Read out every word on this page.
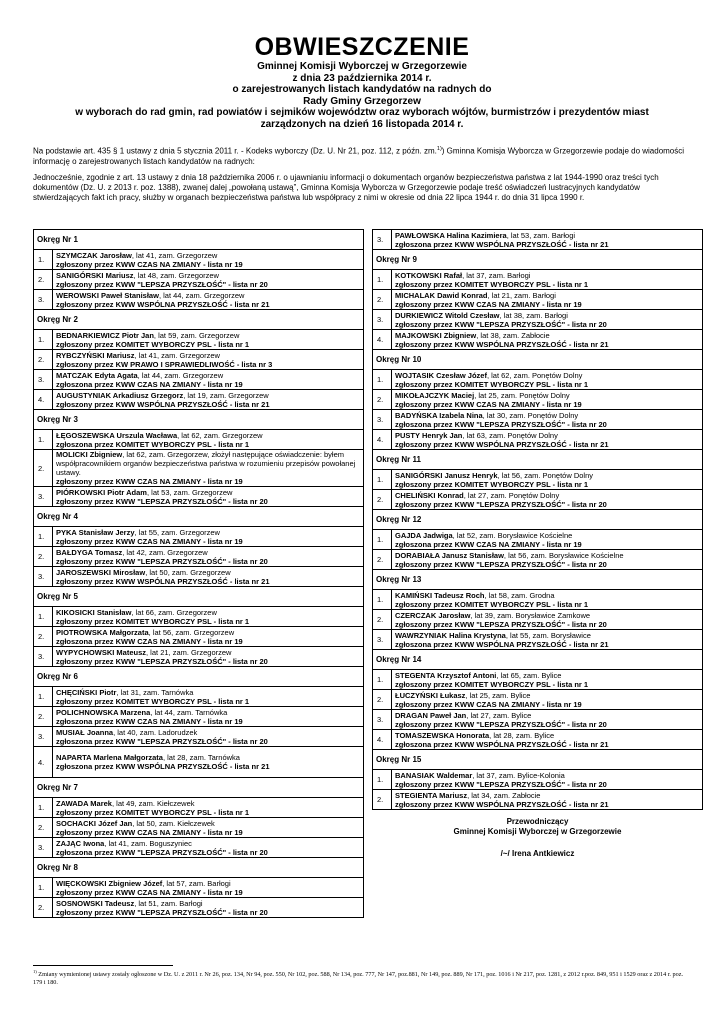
OBWIESZCZENIE
Gminnej Komisji Wyborczej w Grzegorzewie
z dnia 23 października 2014 r.
o zarejestrowanych listach kandydatów na radnych do
Rady Gminy Grzegorzew
w wyborach do rad gmin, rad powiatów i sejmików województw oraz wyborach wójtów, burmistrzów i prezydentów miast
zarządzonych na dzień 16 listopada 2014 r.
Na podstawie art. 435 § 1 ustawy z dnia 5 stycznia 2011 r. - Kodeks wyborczy (Dz. U. Nr 21, poz. 112, z późn. zm.$^{1)}$) Gminna Komisja Wyborcza w Grzegorzewie podaje do wiadomości informację o zarejestrowanych listach kandydatów na radnych:
Jednocześnie, zgodnie z art. 13 ustawy z dnia 18 października 2006 r. o ujawnianiu informacji o dokumentach organów bezpieczeństwa państwa z lat 1944-1990 oraz treści tych dokumentów (Dz. U. z 2013 r. poz. 1388), zwanej dalej „powołaną ustawą”, Gminna Komisja Wyborcza w Grzegorzewie podaje treść oświadczeń lustracyjnych kandydatów stwierdzających fakt ich pracy, służby w organach bezpieczeństwa państwa lub współpracy z nimi w okresie od dnia 22 lipca 1944 r. do dnia 31 lipca 1990 r.
Okręg Nr 1	
1.	SZYMCZAK Jarosław, lat 41, zam. Grzegorzew
zgłoszony przez KWW CZAS NA ZMIANY - lista nr 19

2.	SANIGÓRSKI Mariusz, lat 48, zam. Grzegorzew
zgłoszony przez KWW "LEPSZA PRZYSZŁOŚĆ" - lista nr 20

3.	WEROWSKI Paweł Stanisław, lat 44, zam. Grzegorzew
zgłoszony przez KWW WSPÓLNA PRZYSZŁOŚĆ - lista nr 21

Okręg Nr 2	
1.	BEDNARKIEWICZ Piotr Jan, lat 59, zam. Grzegorzew
zgłoszony przez KOMITET WYBORCZY PSL - lista nr 1

2.	RYBCZYŃSKI Mariusz, lat 41, zam. Grzegorzew
zgłoszony przez KW PRAWO I SPRAWIEDLIWOŚĆ - lista nr 3

3.	MATCZAK Edyta Agata, lat 44, zam. Grzegorzew
zgłoszona przez KWW CZAS NA ZMIANY - lista nr 19

4.	AUGUSTYNIAK Arkadiusz Grzegorz, lat 19, zam. Grzegorzew
zgłoszony przez KWW WSPÓLNA PRZYSZŁOŚĆ - lista nr 21

Okręg Nr 3	
1.	ŁĘGOSZEWSKA Urszula Wacława, lat 62, zam. Grzegorzew
zgłoszona przez KOMITET WYBORCZY PSL - lista nr 1

2.	MOLICKI Zbigniew, lat 62, zam. Grzegorzew, złożył następujące oświadczenie: byłem współpracownikiem organów bezpieczeństwa państwa w rozumieniu przepisów powołanej ustawy.
zgłoszony przez KWW CZAS NA ZMIANY - lista nr 19

3.	PIÓRKOWSKI Piotr Adam, lat 53, zam. Grzegorzew
zgłoszony przez KWW "LEPSZA PRZYSZŁOŚĆ" - lista nr 20

Okręg Nr 4	
1.	PYKA Stanisław Jerzy, lat 55, zam. Grzegorzew
zgłoszony przez KWW CZAS NA ZMIANY - lista nr 19

2.	BAŁDYGA Tomasz, lat 42, zam. Grzegorzew
zgłoszony przez KWW "LEPSZA PRZYSZŁOŚĆ" - lista nr 20

3.	JAROSZEWSKI Mirosław, lat 50, zam. Grzegorzew
zgłoszony przez KWW WSPÓLNA PRZYSZŁOŚĆ - lista nr 21

Okręg Nr 5	
1.	KIKOSICKI Stanisław, lat 66, zam. Grzegorzew
zgłoszony przez KOMITET WYBORCZY PSL - lista nr 1

2.	PIOTROWSKA Małgorzata, lat 56, zam. Grzegorzew
zgłoszona przez KWW CZAS NA ZMIANY - lista nr 19

3.	WYPYCHOWSKI Mateusz, lat 21, zam. Grzegorzew
zgłoszony przez KWW "LEPSZA PRZYSZŁOŚĆ" - lista nr 20

Okręg Nr 6	
1.	CHĘCIŃSKI Piotr, lat 31, zam. Tarnówka
zgłoszony przez KOMITET WYBORCZY PSL - lista nr 1

2.	POLICHNOWSKA Marzena, lat 44, zam. Tarnówka
zgłoszona przez KWW CZAS NA ZMIANY - lista nr 19

3.	MUSIAŁ Joanna, lat 40, zam. Ladorudzek
zgłoszona przez KWW "LEPSZA PRZYSZŁOŚĆ" - lista nr 20

4.	NAPARTA Marlena Małgorzata, lat 28, zam. Tarnówka
zgłoszona przez KWW WSPÓLNA PRZYSZŁOŚĆ - lista nr 21

Okręg Nr 7	
1.	ZAWADA Marek, lat 49, zam. Kiełczewek
zgłoszony przez KOMITET WYBORCZY PSL - lista nr 1

2.	SOCHACKI Józef Jan, lat 50, zam. Kiełczewek
zgłoszony przez KWW CZAS NA ZMIANY - lista nr 19

3.	ZAJĄC Iwona, lat 41, zam. Boguszyniec
zgłoszona przez KWW "LEPSZA PRZYSZŁOŚĆ" - lista nr 20

Okręg Nr 8	
1.	WIĘCKOWSKI Zbigniew Józef, lat 57, zam. Barłogi
zgłoszony przez KWW CZAS NA ZMIANY - lista nr 19

2.	SOSNOWSKI Tadeusz, lat 51, zam. Barłogi
zgłoszony przez KWW "LEPSZA PRZYSZŁOŚĆ" - lista nr 20
3.	PAWŁOWSKA Halina Kazimiera, lat 53, zam. Barłogi
zgłoszona przez KWW WSPÓLNA PRZYSZŁOŚĆ - lista nr 21

Okręg Nr 9	
1.	KOTKOWSKI Rafał, lat 37, zam. Barłogi
zgłoszony przez KOMITET WYBORCZY PSL - lista nr 1

2.	MICHALAK Dawid Konrad, lat 21, zam. Barłogi
zgłoszony przez KWW CZAS NA ZMIANY - lista nr 19

3.	DURKIEWICZ Witold Czesław, lat 38, zam. Barłogi
zgłoszony przez KWW "LEPSZA PRZYSZŁOŚĆ" - lista nr 20

4.	MAJKOWSKI Zbigniew, lat 38, zam. Zabłocie
zgłoszony przez KWW WSPÓLNA PRZYSZŁOŚĆ - lista nr 21

Okręg Nr 10	
1.	WOJTASIK Czesław Józef, lat 62, zam. Ponętów Dolny
zgłoszony przez KOMITET WYBORCZY PSL - lista nr 1

2.	MIKOŁAJCZYK Maciej, lat 25, zam. Ponętów Dolny
zgłoszony przez KWW CZAS NA ZMIANY - lista nr 19

3.	BADYŃSKA Izabela Nina, lat 30, zam. Ponętów Dolny
zgłoszona przez KWW "LEPSZA PRZYSZŁOŚĆ" - lista nr 20

4.	PUSTY Henryk Jan, lat 63, zam. Ponętów Dolny
zgłoszony przez KWW WSPÓLNA PRZYSZŁOŚĆ - lista nr 21

Okręg Nr 11	
1.	SANIGÓRSKI Janusz Henryk, lat 56, zam. Ponętów Dolny
zgłoszony przez KOMITET WYBORCZY PSL - lista nr 1

2.	CHELIŃSKI Konrad, lat 27, zam. Ponętów Dolny
zgłoszony przez KWW "LEPSZA PRZYSZŁOŚĆ" - lista nr 20

Okręg Nr 12	
1.	GAJDA Jadwiga, lat 52, zam. Borysławice Kościelne
zgłoszona przez KWW CZAS NA ZMIANY - lista nr 19

2.	DORABIAŁA Janusz Stanisław, lat 56, zam. Borysławice Kościelne
zgłoszony przez KWW "LEPSZA PRZYSZŁOŚĆ" - lista nr 20

Okręg Nr 13	
1.	KAMIŃSKI Tadeusz Roch, lat 58, zam. Grodna
zgłoszony przez KOMITET WYBORCZY PSL - lista nr 1

2.	CZERCZAK Jarosław, lat 39, zam. Borysławice Zamkowe
zgłoszony przez KWW "LEPSZA PRZYSZŁOŚĆ" - lista nr 20

3.	WAWRZYNIAK Halina Krystyna, lat 55, zam. Borysławice
zgłoszona przez KWW WSPÓLNA PRZYSZŁOŚĆ - lista nr 21

Okręg Nr 14	
1.	STEGENTA Krzysztof Antoni, lat 65, zam. Bylice
zgłoszony przez KOMITET WYBORCZY PSL - lista nr 1

2.	ŁUCZYŃSKI Łukasz, lat 25, zam. Bylice
zgłoszony przez KWW CZAS NA ZMIANY - lista nr 19

3.	DRAGAN Paweł Jan, lat 27, zam. Bylice
zgłoszony przez KWW "LEPSZA PRZYSZŁOŚĆ" - lista nr 20

4.	TOMASZEWSKA Honorata, lat 28, zam. Bylice
zgłoszona przez KWW WSPÓLNA PRZYSZŁOŚĆ - lista nr 21

Okręg Nr 15	
1.	BANASIAK Waldemar, lat 37, zam. Bylice-Kolonia
zgłoszony przez KWW "LEPSZA PRZYSZŁOŚĆ" - lista nr 20

2.	STEGIENTA Mariusz, lat 34, zam. Zabłocie
zgłoszony przez KWW WSPÓLNA PRZYSZŁOŚĆ - lista nr 21
Przewodniczący
Gminnej Komisji Wyborczej w Grzegorzewie
/~/ Irena Antkiewicz
$^{1)}$ Zmiany wymienionej ustawy zostały ogłoszone w Dz. U. z 2011 r. Nr 26, poz. 134, Nr 94, poz. 550, Nr 102, poz. 588, Nr 134, poz. 777, Nr 147, poz.881, Nr 149, poz. 889, Nr 171, poz. 1016 i Nr 217, poz. 1281, z 2012 r.poz. 849, 951 i 1529 oraz z 2014 r. poz. 179 i 180.
